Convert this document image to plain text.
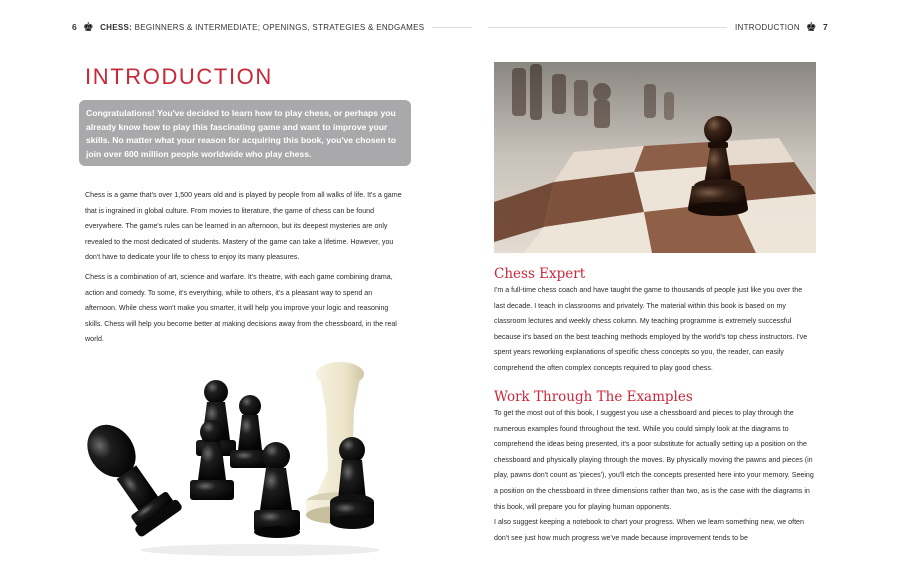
6 ♚ CHESS: BEGINNERS & INTERMEDIATE; OPENINGS, STRATEGIES & ENDGAMES	INTRODUCTION ♚ 7
INTRODUCTION
Congratulations! You've decided to learn how to play chess, or perhaps you already know how to play this fascinating game and want to improve your skills. No matter what your reason for acquiring this book, you've chosen to join over 600 million people worldwide who play chess.
Chess is a game that's over 1,500 years old and is played by people from all walks of life. It's a game that is ingrained in global culture. From movies to literature, the game of chess can be found everywhere. The game's rules can be learned in an afternoon, but its deepest mysteries are only revealed to the most dedicated of students. Mastery of the game can take a lifetime. However, you don't have to dedicate your life to chess to enjoy its many pleasures.
Chess is a combination of art, science and warfare. It's theatre, with each game combining drama, action and comedy. To some, it's everything, while to others, it's a pleasant way to spend an afternoon. While chess won't make you smarter, it will help you improve your logic and reasoning skills. Chess will help you become better at making decisions away from the chessboard, in the real world.
Chess Expert
I'm a full-time chess coach and have taught the game to thousands of people just like you over the last decade. I teach in classrooms and privately. The material within this book is based on my classroom lectures and weekly chess column. My teaching programme is extremely successful because it's based on the best teaching methods employed by the world's top chess instructors. I've spent years reworking explanations of specific chess concepts so you, the reader, can easily comprehend the often complex concepts required to play good chess.
Work Through The Examples
To get the most out of this book, I suggest you use a chessboard and pieces to play through the numerous examples found throughout the text. While you could simply look at the diagrams to comprehend the ideas being presented, it's a poor substitute for actually setting up a position on the chessboard and physically playing through the moves. By physically moving the pawns and pieces (in play, pawns don't count as 'pieces'), you'll etch the concepts presented here into your memory. Seeing a position on the chessboard in three dimensions rather than two, as is the case with the diagrams in this book, will prepare you for playing human opponents.
I also suggest keeping a notebook to chart your progress. When we learn something new, we often don't see just how much progress we've made because improvement tends to be
